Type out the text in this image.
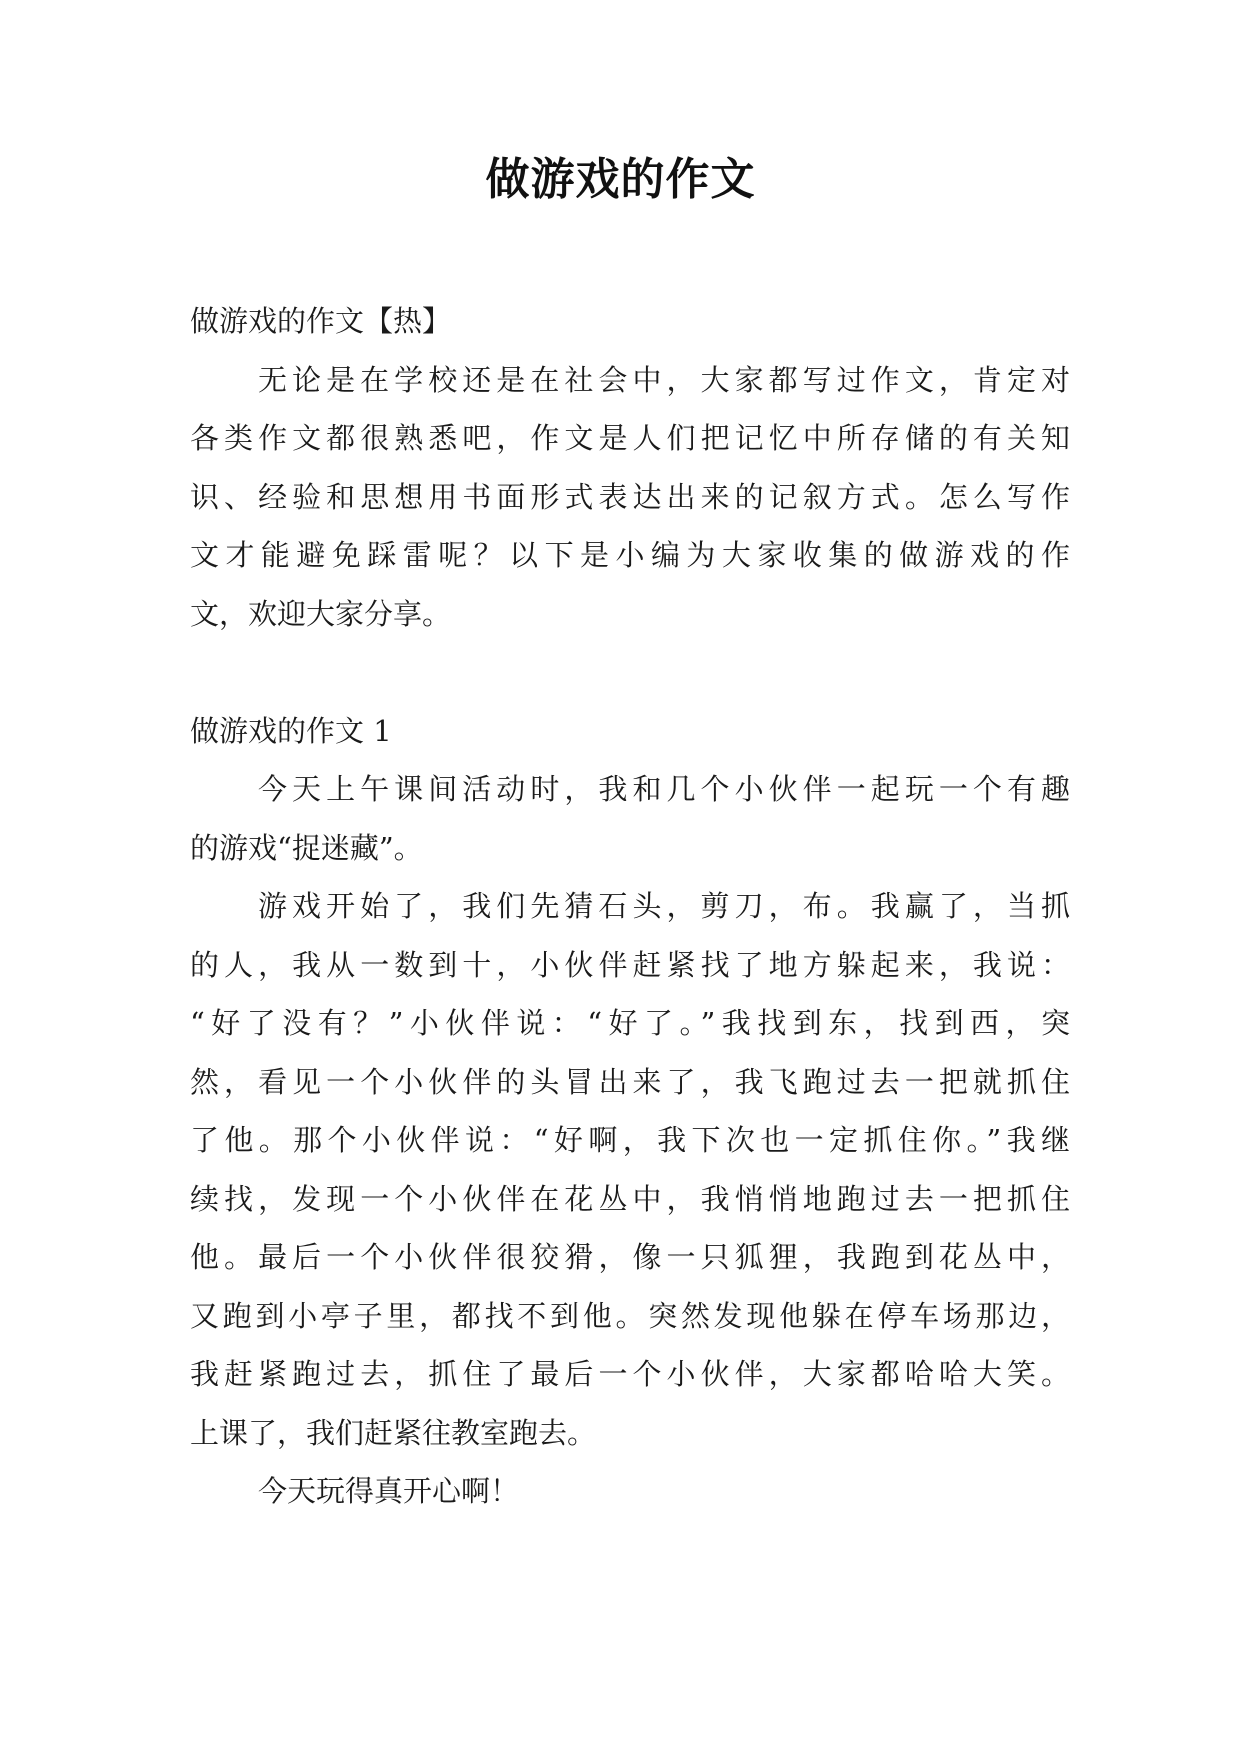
做游戏的作文
做游戏的作文【热】
无论是在学校还是在社会中，大家都写过作文，肯定对
各类作文都很熟悉吧，作文是人们把记忆中所存储的有关知
识、经验和思想用书面形式表达出来的记叙方式。怎么写作
文才能避免踩雷呢？以下是小编为大家收集的做游戏的作
文，欢迎大家分享。
做游戏的作文 1
今天上午课间活动时，我和几个小伙伴一起玩一个有趣
的游戏“捉迷藏”。
游戏开始了，我们先猜石头，剪刀，布。我赢了，当抓
的人，我从一数到十，小伙伴赶紧找了地方躲起来，我说：
“好了没有？”小伙伴说：“好了。”我找到东，找到西，突
然，看见一个小伙伴的头冒出来了，我飞跑过去一把就抓住
了他。那个小伙伴说：“好啊，我下次也一定抓住你。”我继
续找，发现一个小伙伴在花丛中，我悄悄地跑过去一把抓住
他。最后一个小伙伴很狡猾，像一只狐狸，我跑到花丛中，
又跑到小亭子里，都找不到他。突然发现他躲在停车场那边，
我赶紧跑过去，抓住了最后一个小伙伴，大家都哈哈大笑。
上课了，我们赶紧往教室跑去。
今天玩得真开心啊！
